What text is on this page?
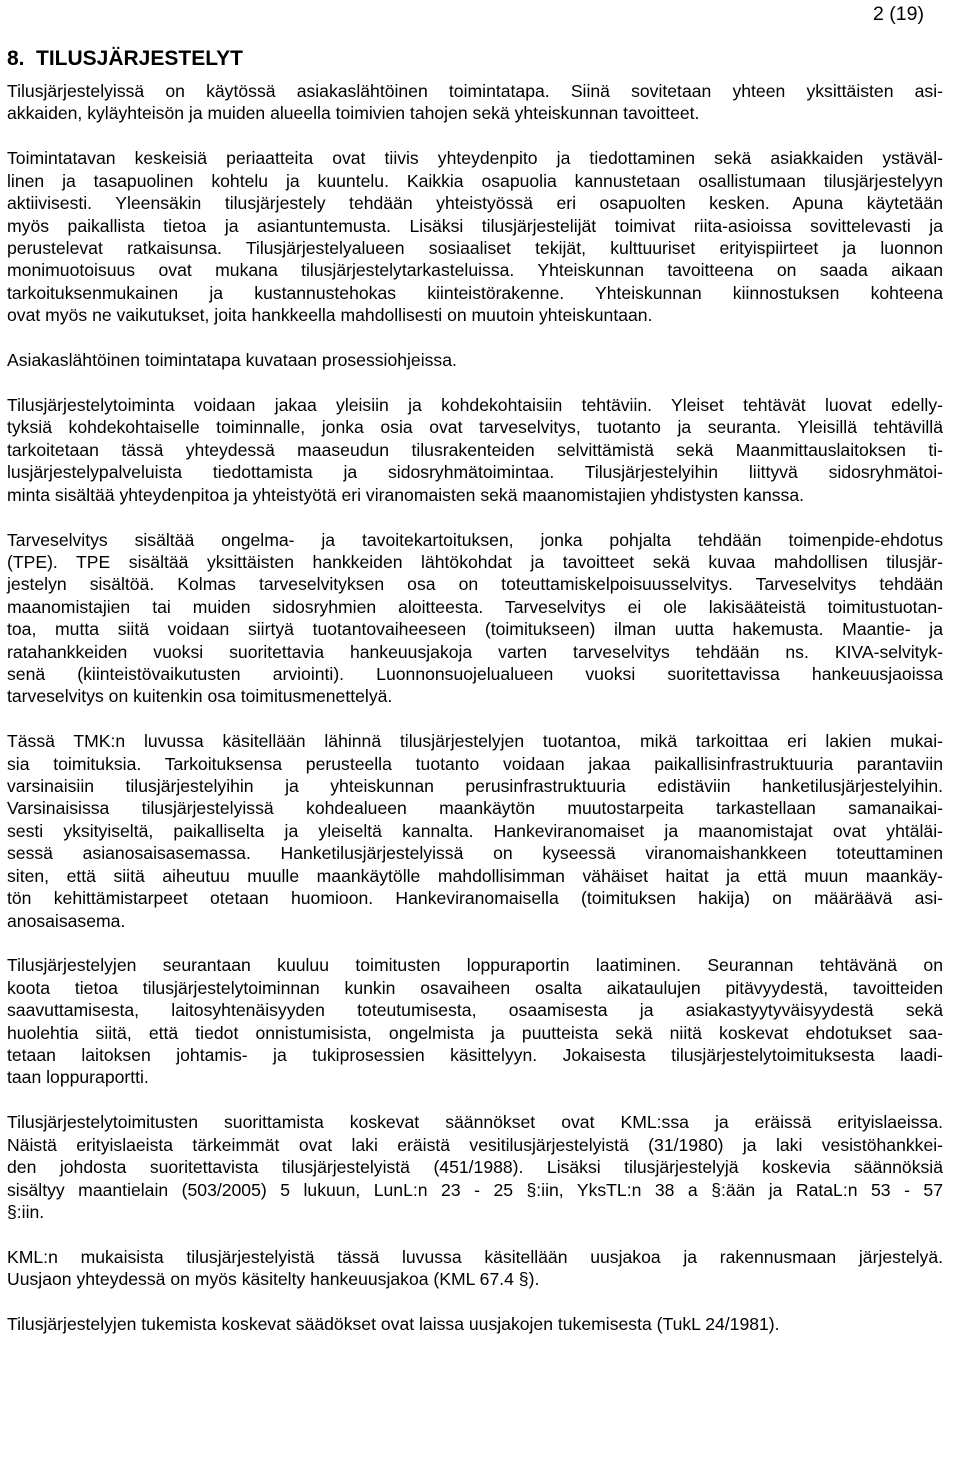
2 (19)
8. TILUSJÄRJESTELYT
Tilusjärjestelyissä on käytössä asiakaslähtöinen toimintatapa. Siinä sovitetaan yhteen yksittäisten asi-
akkaiden, kyläyhteisön ja muiden alueella toimivien tahojen sekä yhteiskunnan tavoitteet.
Toimintatavan keskeisiä periaatteita ovat tiivis yhteydenpito ja tiedottaminen sekä asiakkaiden ystäväl-
linen ja tasapuolinen kohtelu ja kuuntelu. Kaikkia osapuolia kannustetaan osallistumaan tilusjärjestelyyn
aktiivisesti. Yleensäkin tilusjärjestely tehdään yhteistyössä eri osapuolten kesken. Apuna käytetään
myös paikallista tietoa ja asiantuntemusta. Lisäksi tilusjärjestelijät toimivat riita-asioissa sovittelevasti ja
perustelevat ratkaisunsa. Tilusjärjestelyalueen sosiaaliset tekijät, kulttuuriset erityispiirteet ja luonnon
monimuotoisuus ovat mukana tilusjärjestelytarkasteluissa. Yhteiskunnan tavoitteena on saada aikaan
tarkoituksenmukainen ja kustannustehokas kiinteistörakenne. Yhteiskunnan kiinnostuksen kohteena
ovat myös ne vaikutukset, joita hankkeella mahdollisesti on muutoin yhteiskuntaan.
Asiakaslähtöinen toimintatapa kuvataan prosessiohjeissa.
Tilusjärjestelytoiminta voidaan jakaa yleisiin ja kohdekohtaisiin tehtäviin. Yleiset tehtävät luovat edelly-
tyksiä kohdekohtaiselle toiminnalle, jonka osia ovat tarveselvitys, tuotanto ja seuranta. Yleisillä tehtävillä
tarkoitetaan tässä yhteydessä maaseudun tilusrakenteiden selvittämistä sekä Maanmittauslaitoksen ti-
lusjärjestelypalveluista tiedottamista ja sidosryhmätoimintaa. Tilusjärjestelyihin liittyvä sidosryhmätoi-
minta sisältää yhteydenpitoa ja yhteistyötä eri viranomaisten sekä maanomistajien yhdistysten kanssa.
Tarveselvitys sisältää ongelma- ja tavoitekartoituksen, jonka pohjalta tehdään toimenpide-ehdotus
(TPE). TPE sisältää yksittäisten hankkeiden lähtökohdat ja tavoitteet sekä kuvaa mahdollisen tilusjär-
jestelyn sisältöä. Kolmas tarveselvityksen osa on toteuttamiskelpoisuusselvitys. Tarveselvitys tehdään
maanomistajien tai muiden sidosryhmien aloitteesta. Tarveselvitys ei ole lakisääteistä toimitustuotan-
toa, mutta siitä voidaan siirtyä tuotantovaiheeseen (toimitukseen) ilman uutta hakemusta. Maantie- ja
ratahankkeiden vuoksi suoritettavia hankeuusjakoja varten tarveselvitys tehdään ns. KIVA-selvityk-
senä (kiinteistövaikutusten arviointi). Luonnonsuojelualueen vuoksi suoritettavissa hankeuusjaoissa
tarveselvitys on kuitenkin osa toimitusmenettelyä.
Tässä TMK:n luvussa käsitellään lähinnä tilusjärjestelyjen tuotantoa, mikä tarkoittaa eri lakien mukai-
sia toimituksia. Tarkoituksensa perusteella tuotanto voidaan jakaa paikallisinfrastruktuuria parantaviin
varsinaisiin tilusjärjestelyihin ja yhteiskunnan perusinfrastruktuuria edistäviin hanketilusjärjestelyihin.
Varsinaisissa tilusjärjestelyissä kohdealueen maankäytön muutostarpeita tarkastellaan samanaikai-
sesti yksityiseltä, paikalliselta ja yleiseltä kannalta. Hankeviranomaiset ja maanomistajat ovat yhtäläi-
sessä asianosaisasemassa. Hanketilusjärjestelyissä on kyseessä viranomaishankkeen toteuttaminen
siten, että siitä aiheutuu muulle maankäytölle mahdollisimman vähäiset haitat ja että muun maankäy-
tön kehittämistarpeet otetaan huomioon. Hankeviranomaisella (toimituksen hakija) on määräävä asi-
anosaisasema.
Tilusjärjestelyjen seurantaan kuuluu toimitusten loppuraportin laatiminen. Seurannan tehtävänä on
koota tietoa tilusjärjestelytoiminnan kunkin osavaiheen osalta aikataulujen pitävyydestä, tavoitteiden
saavuttamisesta, laitosyhtenäisyyden toteutumisesta, osaamisesta ja asiakastyytyväisyydestä sekä
huolehtia siitä, että tiedot onnistumisista, ongelmista ja puutteista sekä niitä koskevat ehdotukset saa-
tetaan laitoksen johtamis- ja tukiprosessien käsittelyyn. Jokaisesta tilusjärjestelytoimituksesta laadi-
taan loppuraportti.
Tilusjärjestelytoimitusten suorittamista koskevat säännökset ovat KML:ssa ja eräissä erityislaeissa.
Näistä erityislaeista tärkeimmät ovat laki eräistä vesitilusjärjestelyistä (31/1980) ja laki vesistöhankkei-
den johdosta suoritettavista tilusjärjestelyistä (451/1988). Lisäksi tilusjärjestelyjä koskevia säännöksiä
sisältyy maantielain (503/2005) 5 lukuun, LunL:n 23 - 25 §:iin, YksTL:n 38 a §:ään ja RataL:n 53 - 57
§:iin.
KML:n mukaisista tilusjärjestelyistä tässä luvussa käsitellään uusjakoa ja rakennusmaan järjestelyä.
Uusjaon yhteydessä on myös käsitelty hankeuusjakoa (KML 67.4 §).
Tilusjärjestelyjen tukemista koskevat säädökset ovat laissa uusjakojen tukemisesta (TukL 24/1981).
